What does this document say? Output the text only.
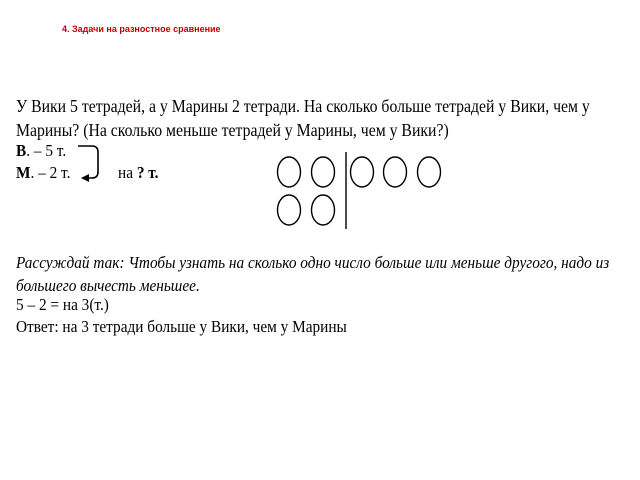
4. Задачи на разностное сравнение
У Вики 5 тетрадей, а у Марины 2 тетради. На сколько больше тетрадей у Вики, чем у
Марины? (На сколько меньше тетрадей у Марины, чем у Вики?)
В. – 5 т.
М. – 2 т.	на ? т.
Рассуждай так: Чтобы узнать на сколько одно число больше или меньше другого, надо из
большего вычесть меньшее.
5 – 2 = на 3(т.)
Ответ: на 3 тетради больше у Вики, чем у Марины
